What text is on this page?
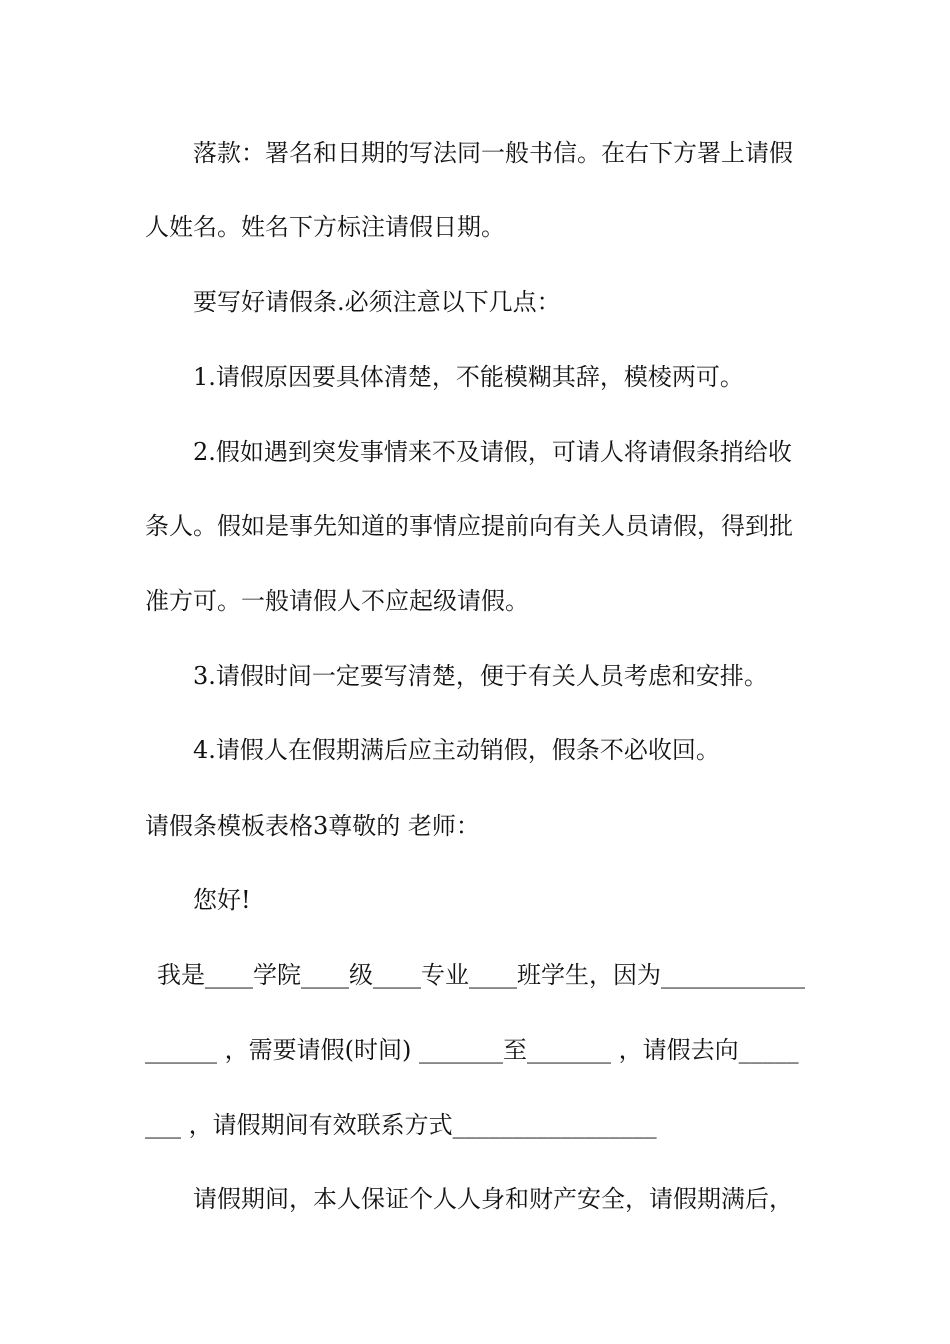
落款：署名和日期的写法同一般书信。在右下方署上请假
人姓名。姓名下方标注请假日期。
要写好请假条.必须注意以下几点：
1.请假原因要具体清楚，不能模糊其辞，模棱两可。
2.假如遇到突发事情来不及请假，可请人将请假条捎给收
条人。假如是事先知道的事情应提前向有关人员请假，得到批
准方可。一般请假人不应起级请假。
3.请假时间一定要写清楚，便于有关人员考虑和安排。
4.请假人在假期满后应主动销假，假条不必收回。
请假条模板表格3尊敬的 老师：
您好!
我是____学院____级____专业____班学生，因为____________
______ ，需要请假(时间) _______至_______ ，请假去向_____
___ ，请假期间有效联系方式_________________
请假期间，本人保证个人人身和财产安全，请假期满后，
